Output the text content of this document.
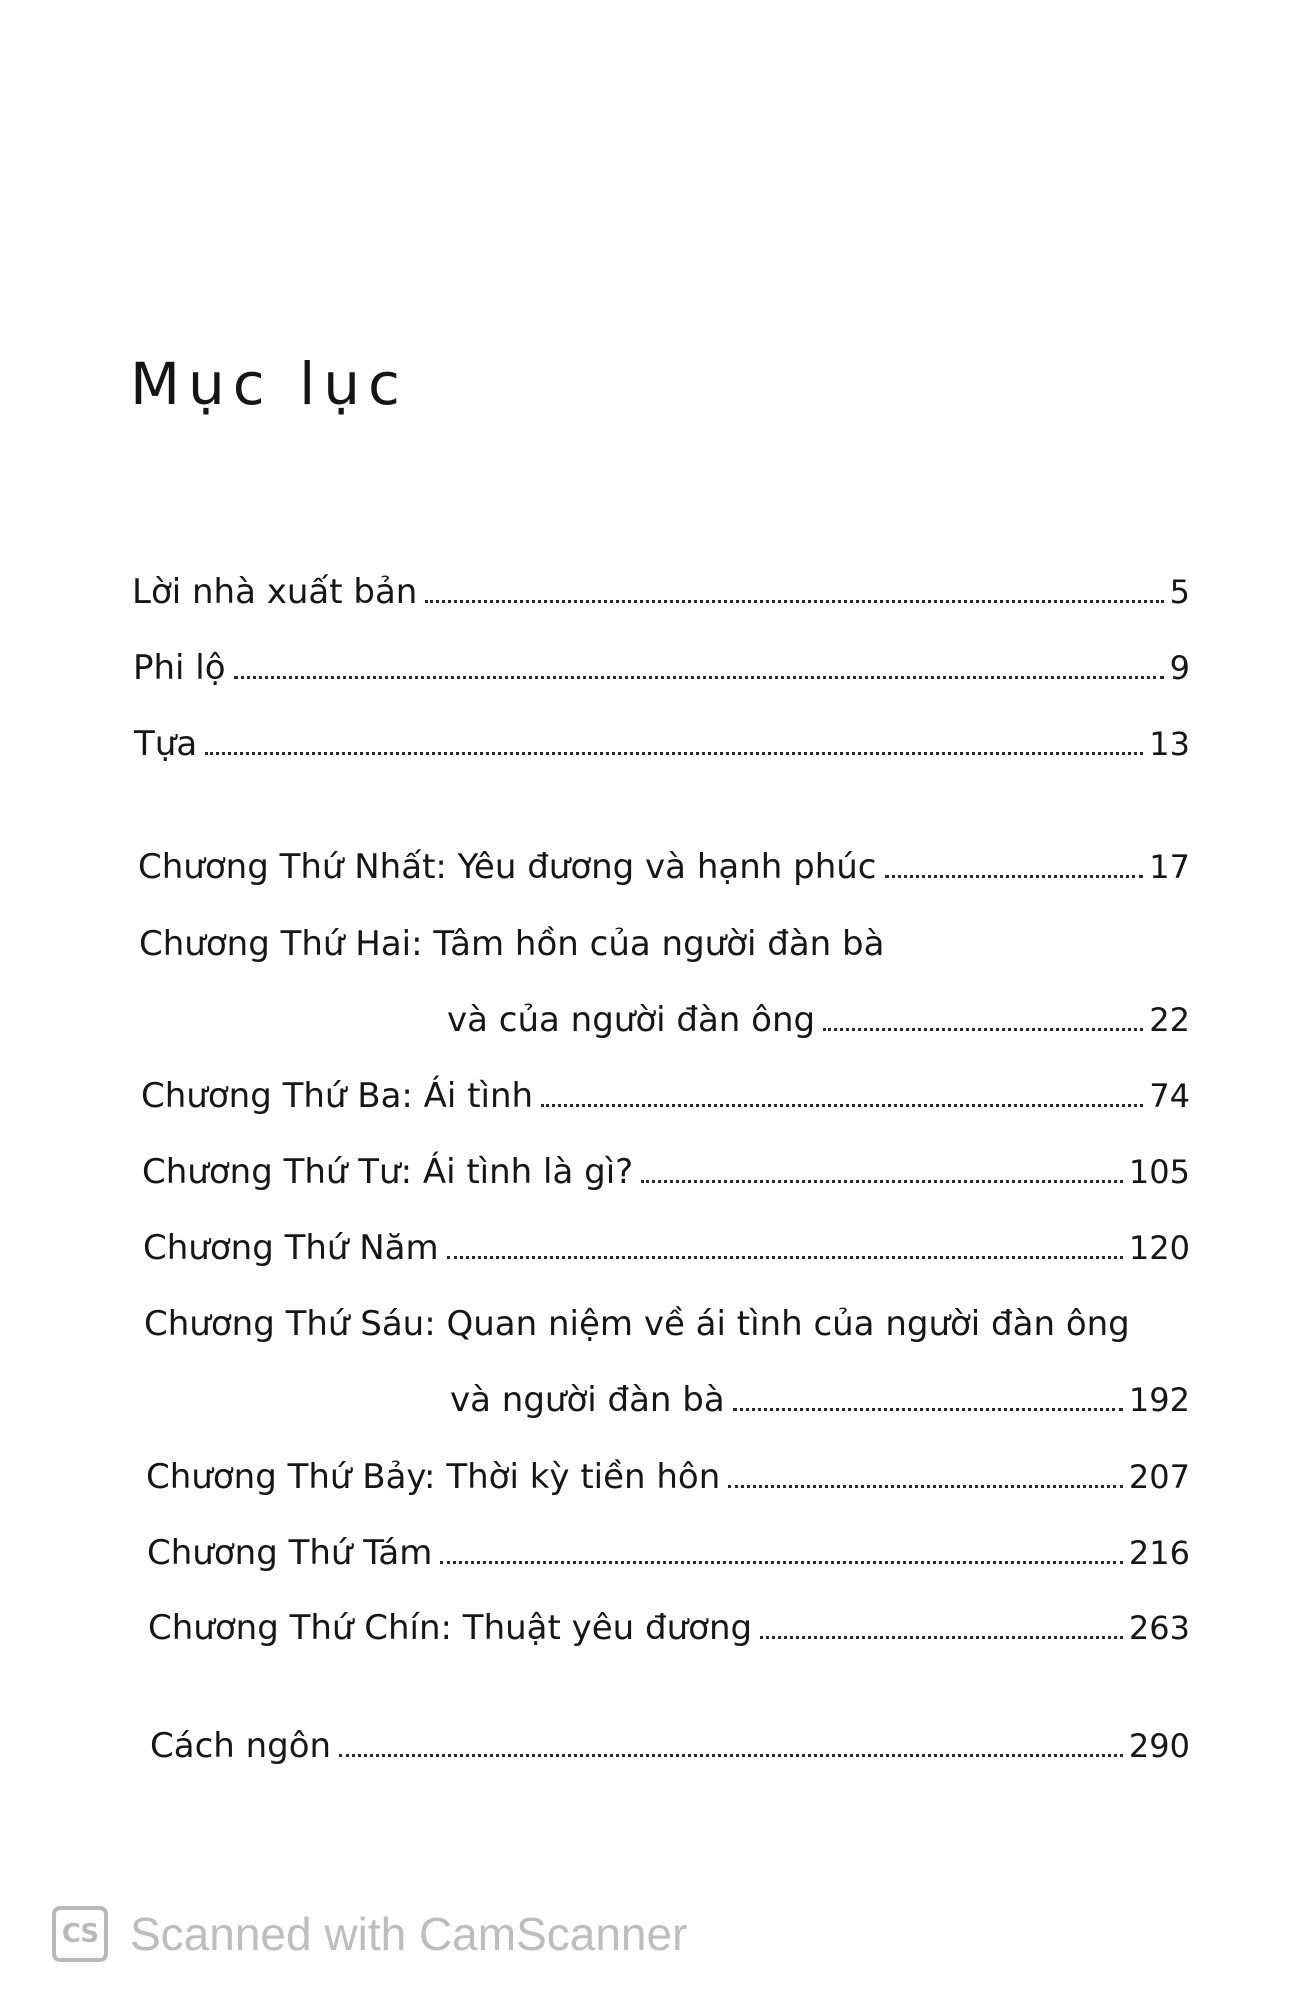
Mục lục
Lời nhà xuất bản	5
Phi lộ	9
Tựa	13
Chương Thứ Nhất: Yêu đương và hạnh phúc	17
Chương Thứ Hai: Tâm hồn của người đàn bà
và của người đàn ông	22
Chương Thứ Ba: Ái tình	74
Chương Thứ Tư: Ái tình là gì?	105
Chương Thứ Năm	120
Chương Thứ Sáu: Quan niệm về ái tình của người đàn ông
và người đàn bà	192
Chương Thứ Bảy: Thời kỳ tiền hôn	207
Chương Thứ Tám	216
Chương Thứ Chín: Thuật yêu đương	263
Cách ngôn	290
CS Scanned with CamScanner
